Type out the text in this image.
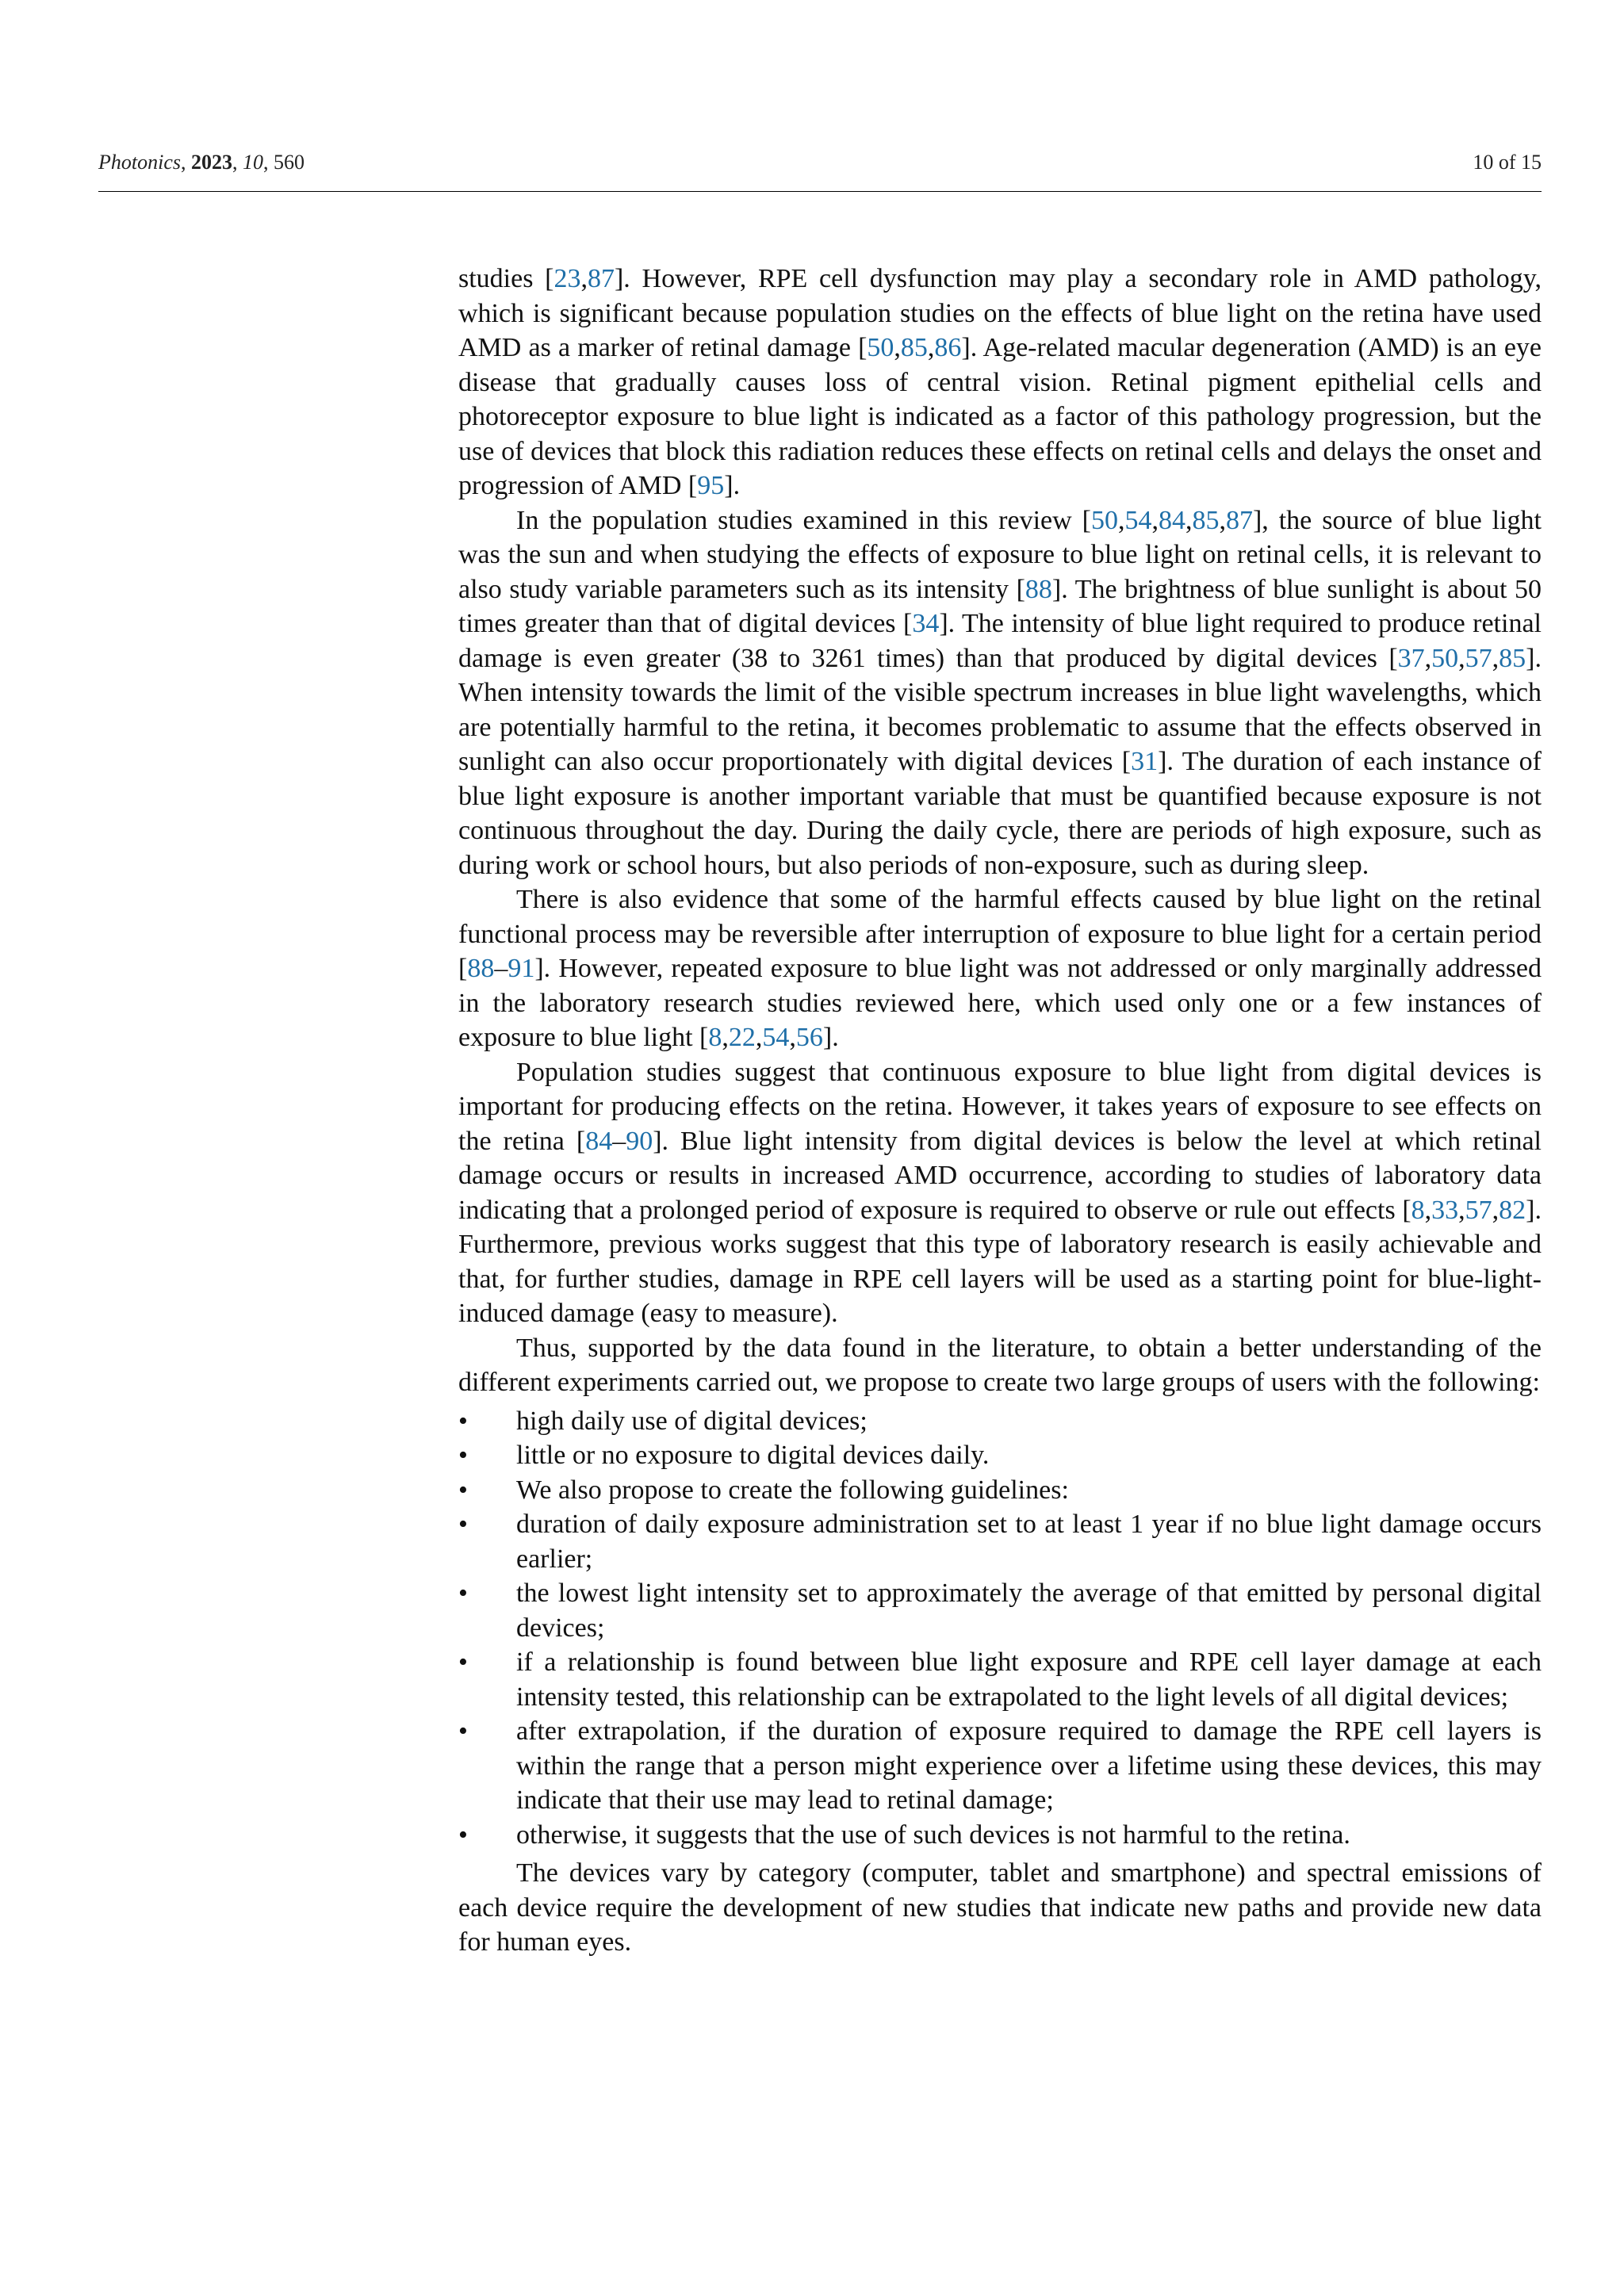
Photonics, 2023, 10, 560	10 of 15

studies [23,87]. However, RPE cell dysfunction may play a secondary role in AMD pathology, which is significant because population studies on the effects of blue light on the retina have used AMD as a marker of retinal damage [50,85,86]. Age-related macular degeneration (AMD) is an eye disease that gradually causes loss of central vision. Retinal pigment epithelial cells and photoreceptor exposure to blue light is indicated as a factor of this pathology progression, but the use of devices that block this radiation reduces these effects on retinal cells and delays the onset and progression of AMD [95].

In the population studies examined in this review [50,54,84,85,87], the source of blue light was the sun and when studying the effects of exposure to blue light on retinal cells, it is relevant to also study variable parameters such as its intensity [88]. The brightness of blue sunlight is about 50 times greater than that of digital devices [34]. The intensity of blue light required to produce retinal damage is even greater (38 to 3261 times) than that produced by digital devices [37,50,57,85]. When intensity towards the limit of the visible spectrum increases in blue light wavelengths, which are potentially harmful to the retina, it becomes problematic to assume that the effects observed in sunlight can also occur proportionately with digital devices [31]. The duration of each instance of blue light exposure is another important variable that must be quantified because exposure is not continuous throughout the day. During the daily cycle, there are periods of high exposure, such as during work or school hours, but also periods of non-exposure, such as during sleep.

There is also evidence that some of the harmful effects caused by blue light on the retinal functional process may be reversible after interruption of exposure to blue light for a certain period [88–91]. However, repeated exposure to blue light was not addressed or only marginally addressed in the laboratory research studies reviewed here, which used only one or a few instances of exposure to blue light [8,22,54,56].

Population studies suggest that continuous exposure to blue light from digital devices is important for producing effects on the retina. However, it takes years of exposure to see effects on the retina [84–90]. Blue light intensity from digital devices is below the level at which retinal damage occurs or results in increased AMD occurrence, according to studies of laboratory data indicating that a prolonged period of exposure is required to observe or rule out effects [8,33,57,82]. Furthermore, previous works suggest that this type of laboratory research is easily achievable and that, for further studies, damage in RPE cell layers will be used as a starting point for blue-light-induced damage (easy to measure).

Thus, supported by the data found in the literature, to obtain a better understanding of the different experiments carried out, we propose to create two large groups of users with the following:

• high daily use of digital devices;
• little or no exposure to digital devices daily.
• We also propose to create the following guidelines:
• duration of daily exposure administration set to at least 1 year if no blue light damage occurs earlier;
• the lowest light intensity set to approximately the average of that emitted by personal digital devices;
• if a relationship is found between blue light exposure and RPE cell layer damage at each intensity tested, this relationship can be extrapolated to the light levels of all digital devices;
• after extrapolation, if the duration of exposure required to damage the RPE cell layers is within the range that a person might experience over a lifetime using these devices, this may indicate that their use may lead to retinal damage;
• otherwise, it suggests that the use of such devices is not harmful to the retina.

The devices vary by category (computer, tablet and smartphone) and spectral emissions of each device require the development of new studies that indicate new paths and provide new data for human eyes.
